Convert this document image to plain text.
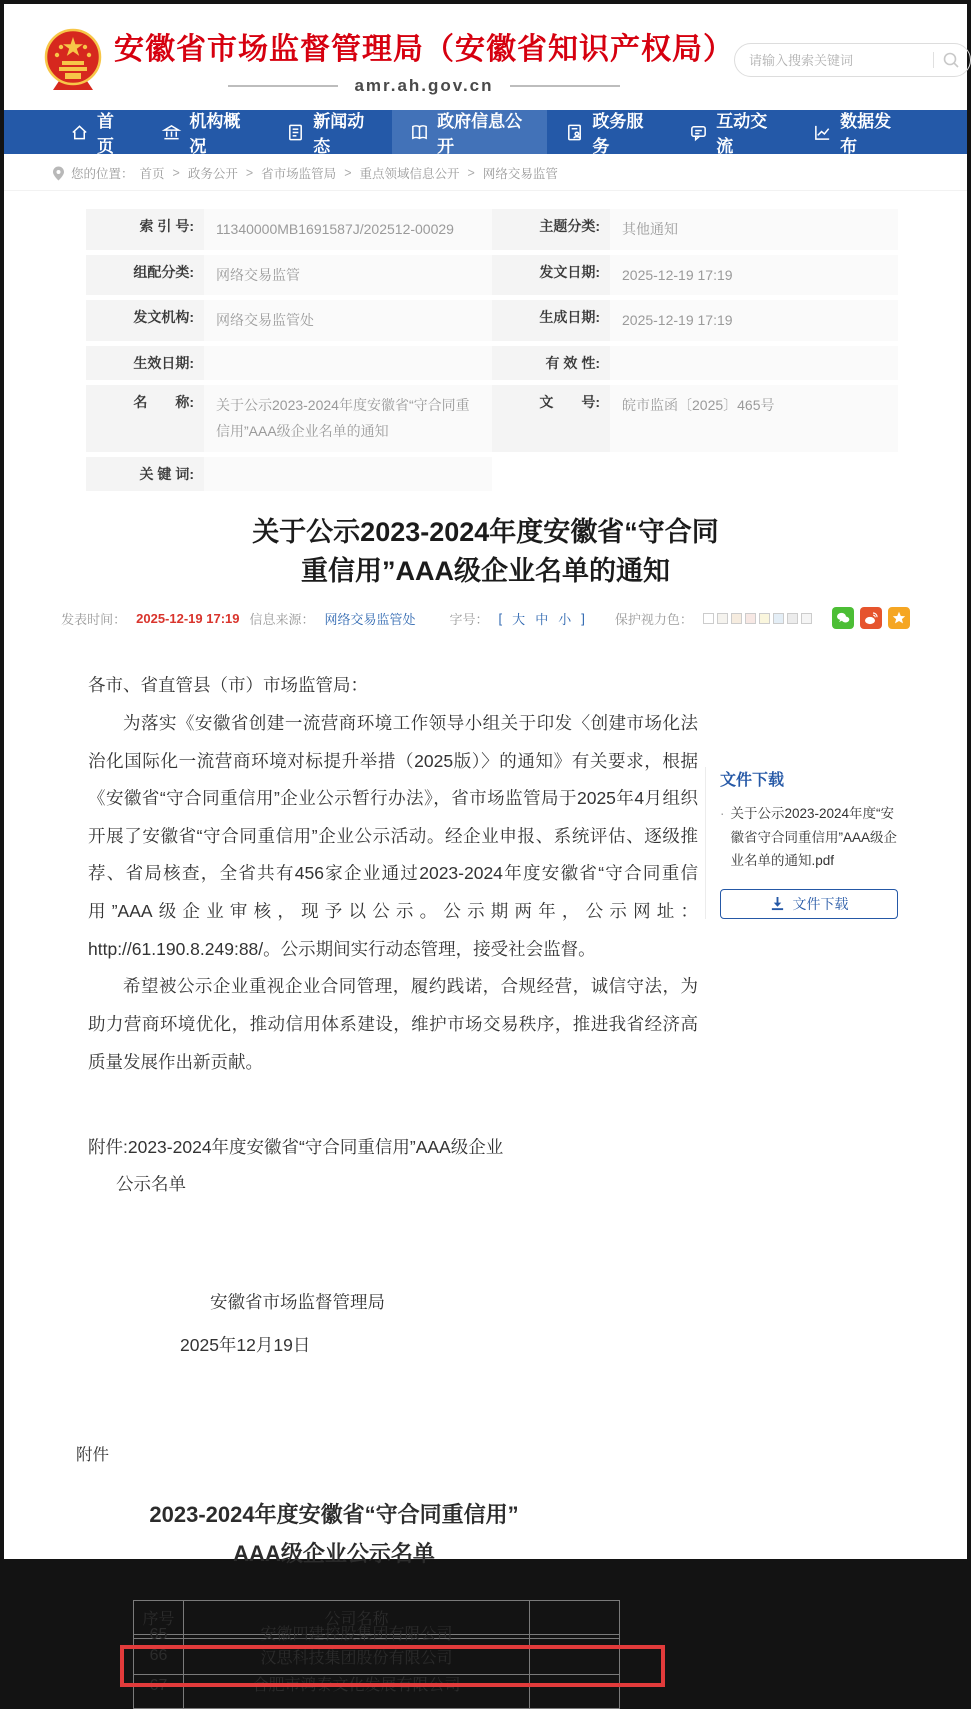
安徽省市场监督管理局（安徽省知识产权局）
amr.ah.gov.cn
请输入搜索关键词
首页
机构概况
新闻动态
政府信息公开
政务服务
互动交流
数据发布
您的位置： 首页 > 政务公开 > 省市场监管局 > 重点领域信息公开 > 网络交易监管
索 引 号:	11340000MB1691587J/202512-00029	主题分类:	其他通知
组配分类:	网络交易监管	发文日期:	2025-12-19 17:19
发文机构:	网络交易监管处	生成日期:	2025-12-19 17:19
生效日期:	有 效 性:
名　　称:	关于公示2023-2024年度安徽省“守合同重信用”AAA级企业名单的通知
文　　号:	皖市监函〔2025〕465号
关 键 词:
关于公示2023-2024年度安徽省“守合同
重信用”AAA级企业名单的通知
发表时间： 2025-12-19 17:19 信息来源： 网络交易监管处	字号： [ 大 中 小 ] 保护视力色：

各市、省直管县（市）市场监管局：

为落实《安徽省创建一流营商环境工作领导小组关于印发〈创建市场化法治化国际化一流营商环境对标提升举措（2025版）〉的通知》有关要求，根据《安徽省“守合同重信用”企业公示暂行办法》，省市场监管局于2025年4月组织开展了安徽省“守合同重信用”企业公示活动。经企业申报、系统评估、逐级推荐、省局核查，全省共有456家企业通过2023-2024年度安徽省“守合同重信用”AAA级企业审核，现予以公示。公示期两年，公示网址：http://61.190.8.249:88/。公示期间实行动态管理，接受社会监督。

希望被公示企业重视企业合同管理，履约践诺，合规经营，诚信守法，为助力营商环境优化，推动信用体系建设，维护市场交易秩序，推进我省经济高质量发展作出新贡献。

附件:2023-2024年度安徽省“守合同重信用”AAA级企业
公示名单
安徽省市场监督管理局
2025年12月19日
文件下载
· 关于公示2023-2024年度“安徽省守合同重信用”AAA级企业名单的通知.pdf
文件下载
附件
2023-2024年度安徽省“守合同重信用”
AAA级企业公示名单
序号	公司名称	

65	安徽四建控股集团有限公司	

66	汉思科技集团股份有限公司	

67	合肥市鸿泰文化发展有限公司	
